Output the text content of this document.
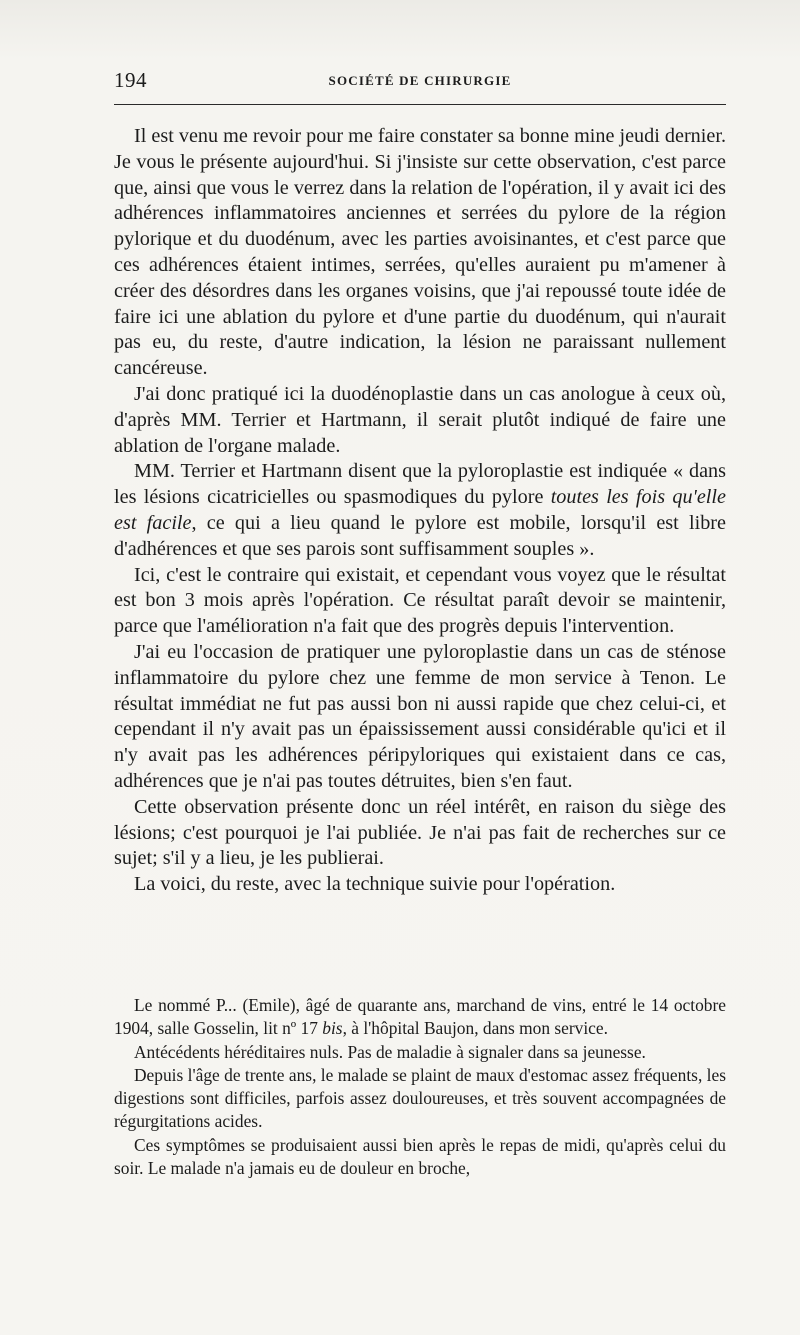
194	SOCIÉTÉ DE CHIRURGIE

Il est venu me revoir pour me faire constater sa bonne mine jeudi dernier. Je vous le présente aujourd'hui. Si j'insiste sur cette observation, c'est parce que, ainsi que vous le verrez dans la relation de l'opération, il y avait ici des adhérences inflammatoires anciennes et serrées du pylore de la région pylorique et du duodénum, avec les parties avoisinantes, et c'est parce que ces adhérences étaient intimes, serrées, qu'elles auraient pu m'amener à créer des désordres dans les organes voisins, que j'ai repoussé toute idée de faire ici une ablation du pylore et d'une partie du duodénum, qui n'aurait pas eu, du reste, d'autre indication, la lésion ne paraissant nullement cancéreuse.

J'ai donc pratiqué ici la duodénoplastie dans un cas anologue à ceux où, d'après MM. Terrier et Hartmann, il serait plutôt indiqué de faire une ablation de l'organe malade.

MM. Terrier et Hartmann disent que la pyloroplastie est indiquée « dans les lésions cicatricielles ou spasmodiques du pylore toutes les fois qu'elle est facile, ce qui a lieu quand le pylore est mobile, lorsqu'il est libre d'adhérences et que ses parois sont suffisamment souples ».

Ici, c'est le contraire qui existait, et cependant vous voyez que le résultat est bon 3 mois après l'opération. Ce résultat paraît devoir se maintenir, parce que l'amélioration n'a fait que des progrès depuis l'intervention.

J'ai eu l'occasion de pratiquer une pyloroplastie dans un cas de sténose inflammatoire du pylore chez une femme de mon service à Tenon. Le résultat immédiat ne fut pas aussi bon ni aussi rapide que chez celui-ci, et cependant il n'y avait pas un épaississement aussi considérable qu'ici et il n'y avait pas les adhérences péripyloriques qui existaient dans ce cas, adhérences que je n'ai pas toutes détruites, bien s'en faut.

Cette observation présente donc un réel intérêt, en raison du siège des lésions; c'est pourquoi je l'ai publiée. Je n'ai pas fait de recherches sur ce sujet; s'il y a lieu, je les publierai.

La voici, du reste, avec la technique suivie pour l'opération.

Le nommé P... (Emile), âgé de quarante ans, marchand de vins, entré le 14 octobre 1904, salle Gosselin, lit nº 17 bis, à l'hôpital Baujon, dans mon service.

Antécédents héréditaires nuls. Pas de maladie à signaler dans sa jeunesse.

Depuis l'âge de trente ans, le malade se plaint de maux d'estomac assez fréquents, les digestions sont difficiles, parfois assez douloureuses, et très souvent accompagnées de régurgitations acides.

Ces symptômes se produisaient aussi bien après le repas de midi, qu'après celui du soir. Le malade n'a jamais eu de douleur en broche,
